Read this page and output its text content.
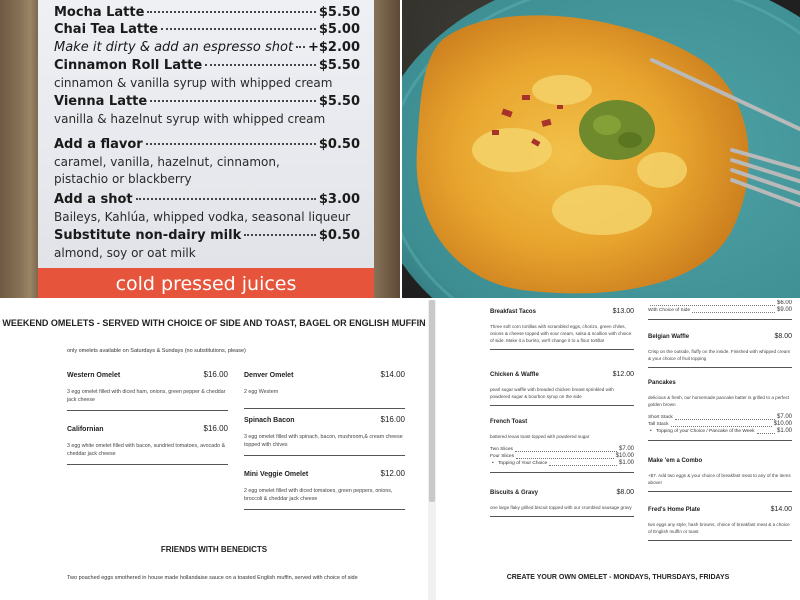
Mocha Latte	$5.50
Chai Tea Latte	$5.00
Make it dirty & add an espresso shot +$2.00
Cinnamon Roll Latte	$5.50
cinnamon & vanilla syrup with whipped cream
Vienna Latte	$5.50
vanilla & hazelnut syrup with whipped cream
Add a flavor	$0.50
caramel, vanilla, hazelnut, cinnamon,
pistachio or blackberry
Add a shot	$3.00
Baileys, Kahlúa, whipped vodka, seasonal liqueur
Substitute non-dairy milk	$0.50
almond, soy or oat milk
cold pressed juices
WEEKEND OMELETS - SERVED WITH CHOICE OF SIDE AND TOAST, BAGEL OR ENGLISH MUFFIN
only omelets available on Saturdays & Sundays (no substitutions, please)
Western Omelet	$16.00
3 egg omelet filled with diced ham, onions, green pepper & cheddar jack cheese
Californian	$16.00
3 egg white omelet filled with bacon, sundried tomatoes, avocado & cheddar jack cheese
Denver Omelet	$14.00
2 egg Western
Spinach Bacon	$16.00
3 egg omelet filled with spinach, bacon, mushroom,& cream cheese topped with chives
Mini Veggie Omelet	$12.00
2 egg omelet filled with diced tomatoes, green peppers, onions, broccoli & cheddar jack cheese
FRIENDS WITH BENEDICTS
Two poached eggs smothered in house made hollandaise sauce on a toasted English muffin, served with choice of side
Breakfast Tacos	$13.00
Three soft corn tortillas with scrambled eggs, chorizo, green chiles, onions & cheese topped with sour cream, salsa & scallion with choice of side. Make it a burrito, we'll change it to a flour tortilla!
Chicken & Waffle	$12.00
pearl sugar waffle with breaded chicken breast sprinkled with powdered sugar & bourbon syrup on the side
French Toast
battered texas toast topped with powdered sugar
Two Slices	$7.00
Four Slices	$10.00
• Topping of Your Choice	$1.00
Biscuits & Gravy	$8.00
one large flaky grilled biscuit topped with our crumbled sausage gravy
$6.00
With Choice of Side	$9.00
Belgian Waffle	$8.00
Crisp on the outside, fluffy on the inside. Finished with whipped cream & your choice of fruit topping
Pancakes
delicious & fresh, our homemade pancake batter is grilled to a perfect golden brown
Short Stack	$7.00
Tall Stack	$10.00
• Topping of your Choice / Pancake of the Week	$1.00
Make 'em a Combo
+$7. Add two eggs & your choice of breakfast meat to any of the items above!
Fred's Home Plate	$14.00
two eggs any style, hash browns, choice of breakfast meat & a choice of English muffin or toast
CREATE YOUR OWN OMELET - MONDAYS, THURSDAYS, FRIDAYS
